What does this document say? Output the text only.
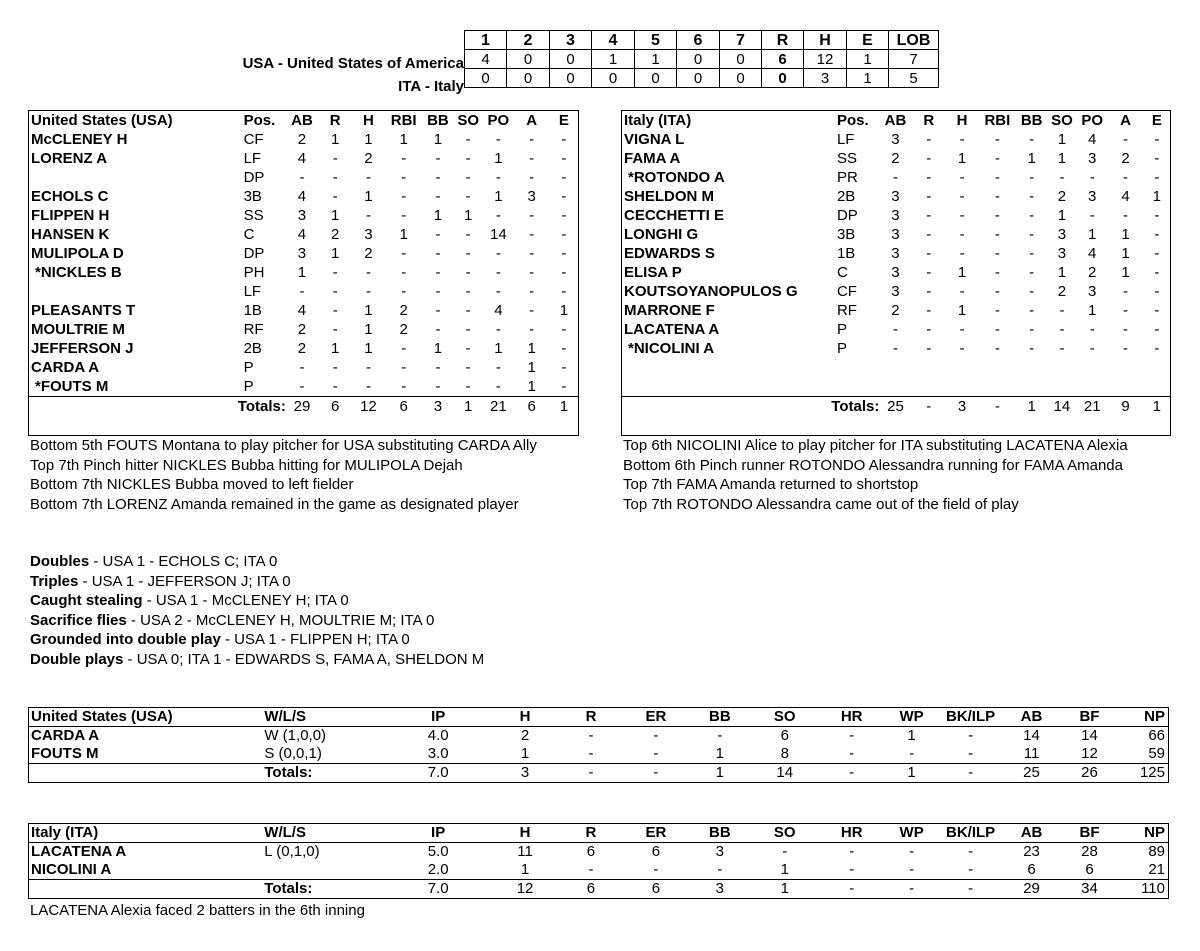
USA - United States of America
ITA - Italy
1	2	3	4	5	6	7	R	H	E	LOB
4	0	0	1	1	0	0	6	12	1	7
0	0	0	0	0	0	0	0	3	1	5
United States (USA)	Pos.	AB	R	H	RBI	BB	SO	PO	A	E
McCLENEY H	CF	2	1	1	1	1	-	-	-	-
LORENZ A	LF	4	-	2	-	-	-	1	-	-
	DP	-	-	-	-	-	-	-	-	-
ECHOLS C	3B	4	-	1	-	-	-	1	3	-
FLIPPEN H	SS	3	1	-	-	1	1	-	-	-
HANSEN K	C	4	2	3	1	-	-	14	-	-
MULIPOLA D	DP	3	1	2	-	-	-	-	-	-
*NICKLES B	PH	1	-	-	-	-	-	-	-	-
	LF	-	-	-	-	-	-	-	-	-
PLEASANTS T	1B	4	-	1	2	-	-	4	-	1
MOULTRIE M	RF	2	-	1	2	-	-	-	-	-
JEFFERSON J	2B	2	1	1	-	1	-	1	1	-
CARDA A	P	-	-	-	-	-	-	-	1	-
*FOUTS M	P	-	-	-	-	-	-	-	1	-
Totals:		29	6	12	6	3	1	21	6	1
Bottom 5th FOUTS Montana to play pitcher for USA substituting CARDA Ally
Top 7th Pinch hitter NICKLES Bubba hitting for MULIPOLA Dejah
Bottom 7th NICKLES Bubba moved to left fielder
Bottom 7th LORENZ Amanda remained in the game as designated player
Italy (ITA)	Pos.	AB	R	H	RBI	BB	SO	PO	A	E
VIGNA L	LF	3	-	-	-	-	1	4	-	-
FAMA A	SS	2	-	1	-	1	1	3	2	-
*ROTONDO A	PR	-	-	-	-	-	-	-	-	-
SHELDON M	2B	3	-	-	-	-	2	3	4	1
CECCHETTI E	DP	3	-	-	-	-	1	-	-	-
LONGHI G	3B	3	-	-	-	-	3	1	1	-
EDWARDS S	1B	3	-	-	-	-	3	4	1	-
ELISA P	C	3	-	1	-	-	1	2	1	-
KOUTSOYANOPULOS G	CF	3	-	-	-	-	2	3	-	-
MARRONE F	RF	2	-	1	-	-	-	1	-	-
LACATENA A	P	-	-	-	-	-	-	-	-	-
*NICOLINI A	P	-	-	-	-	-	-	-	-	-

Totals:		25	-	3	-	1	14	21	9	1
Top 6th NICOLINI Alice to play pitcher for ITA substituting LACATENA Alexia
Bottom 6th Pinch runner ROTONDO Alessandra running for FAMA Amanda
Top 7th FAMA Amanda returned to shortstop
Top 7th ROTONDO Alessandra came out of the field of play
Doubles - USA 1 - ECHOLS C; ITA 0
Triples - USA 1 - JEFFERSON J; ITA 0
Caught stealing - USA 1 - McCLENEY H; ITA 0
Sacrifice flies - USA 2 - McCLENEY H, MOULTRIE M; ITA 0
Grounded into double play - USA 1 - FLIPPEN H; ITA 0
Double plays - USA 0; ITA 1 - EDWARDS S, FAMA A, SHELDON M
United States (USA)	W/L/S	IP	H	R	ER	BB	SO	HR	WP	BK/ILP	AB	BF	NP
CARDA A	W (1,0,0)	4.0	2	-	-	-	6	-	1	-	14	14	66
FOUTS M	S (0,0,1)	3.0	1	-	-	1	8	-	-	-	11	12	59
	Totals:	7.0	3	-	-	1	14	-	1	-	25	26	125
Italy (ITA)	W/L/S	IP	H	R	ER	BB	SO	HR	WP	BK/ILP	AB	BF	NP
LACATENA A	L (0,1,0)	5.0	11	6	6	3	-	-	-	-	23	28	89
NICOLINI A		2.0	1	-	-	-	1	-	-	-	6	6	21
	Totals:	7.0	12	6	6	3	1	-	-	-	29	34	110
LACATENA Alexia faced 2 batters in the 6th inning
